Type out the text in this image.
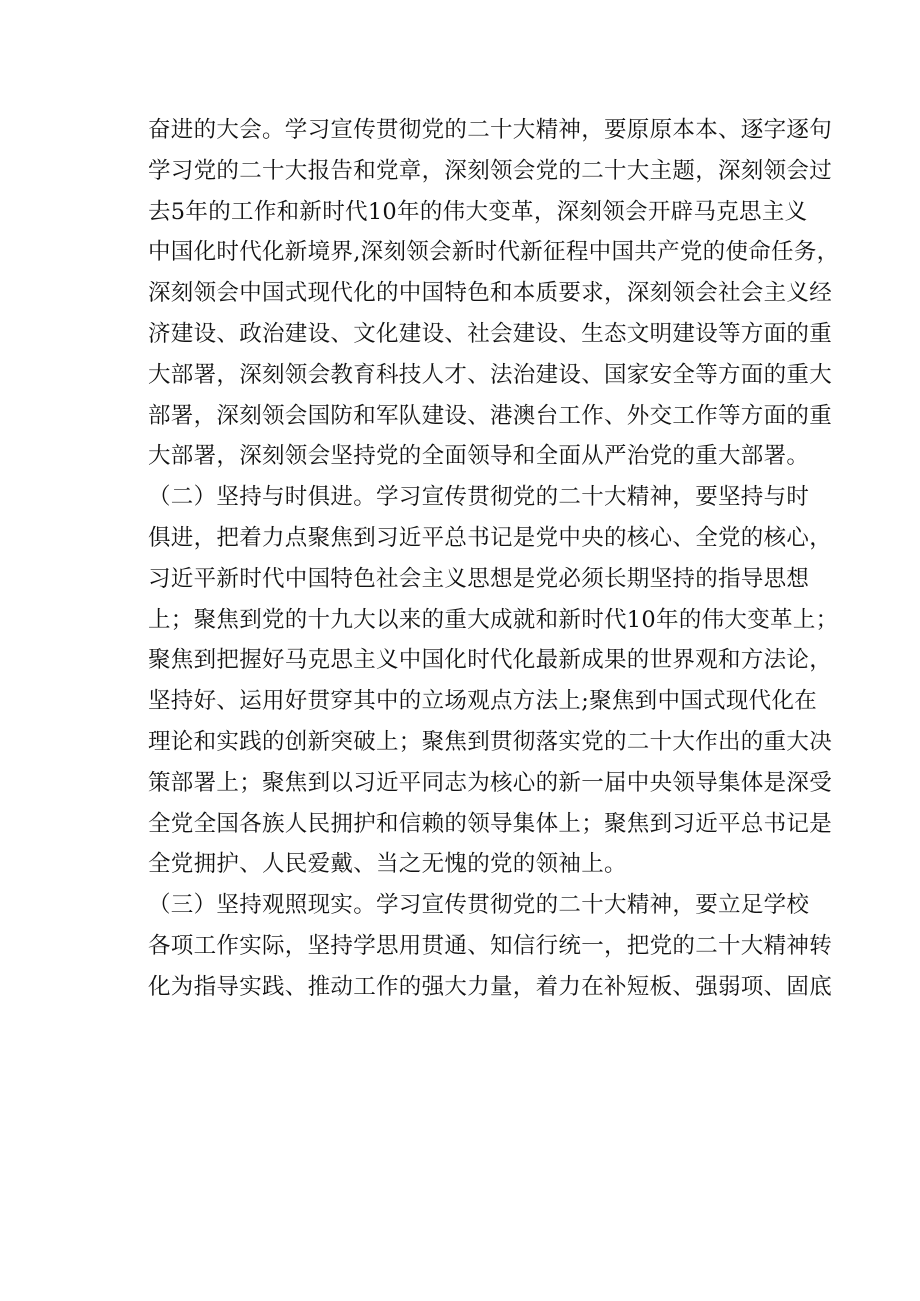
奋进的大会。学习宣传贯彻党的二十大精神，要原原本本、逐字逐句
学习党的二十大报告和党章，深刻领会党的二十大主题，深刻领会过
去5年的工作和新时代10年的伟大变革，深刻领会开辟马克思主义
中国化时代化新境界,深刻领会新时代新征程中国共产党的使命任务，
深刻领会中国式现代化的中国特色和本质要求，深刻领会社会主义经
济建设、政治建设、文化建设、社会建设、生态文明建设等方面的重
大部署，深刻领会教育科技人才、法治建设、国家安全等方面的重大
部署，深刻领会国防和军队建设、港澳台工作、外交工作等方面的重
大部署，深刻领会坚持党的全面领导和全面从严治党的重大部署。
（二）坚持与时俱进。学习宣传贯彻党的二十大精神，要坚持与时
俱进，把着力点聚焦到习近平总书记是党中央的核心、全党的核心，
习近平新时代中国特色社会主义思想是党必须长期坚持的指导思想
上；聚焦到党的十九大以来的重大成就和新时代10年的伟大变革上；
聚焦到把握好马克思主义中国化时代化最新成果的世界观和方法论，
坚持好、运用好贯穿其中的立场观点方法上;聚焦到中国式现代化在
理论和实践的创新突破上；聚焦到贯彻落实党的二十大作出的重大决
策部署上；聚焦到以习近平同志为核心的新一届中央领导集体是深受
全党全国各族人民拥护和信赖的领导集体上；聚焦到习近平总书记是
全党拥护、人民爱戴、当之无愧的党的领袖上。
（三）坚持观照现实。学习宣传贯彻党的二十大精神，要立足学校
各项工作实际，坚持学思用贯通、知信行统一，把党的二十大精神转
化为指导实践、推动工作的强大力量，着力在补短板、强弱项、固底
